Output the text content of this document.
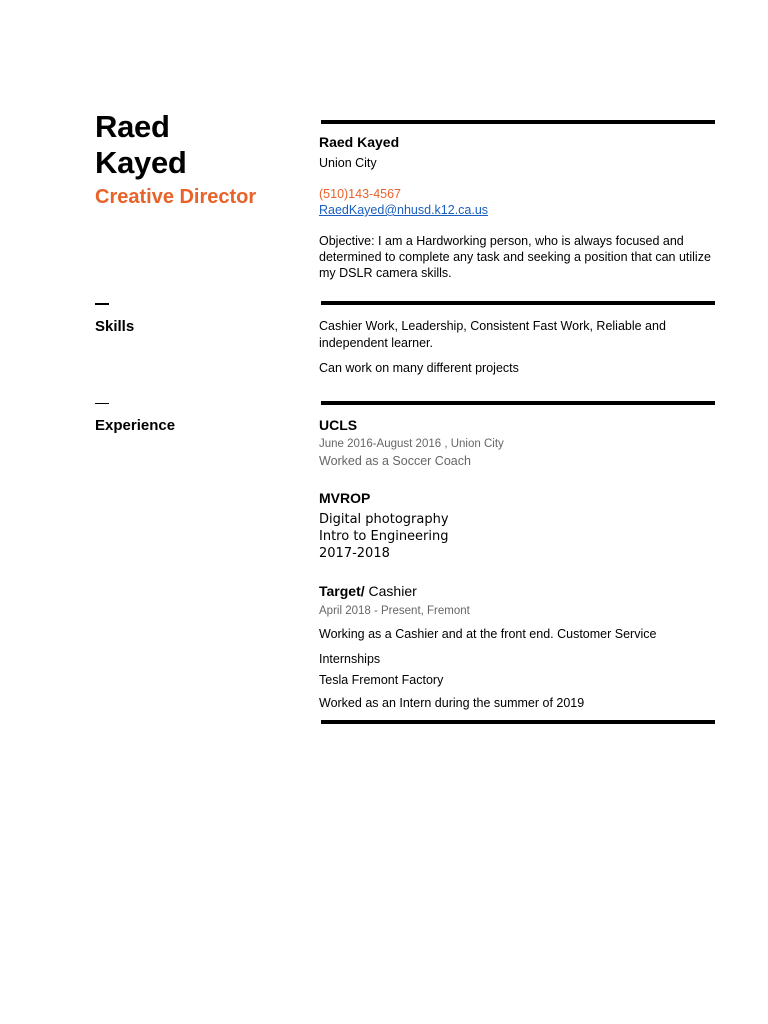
Raed
Kayed
Creative Director
Skills
Experience
Raed Kayed
Union City
(510)143-4567
RaedKayed@nhusd.k12.ca.us
Objective: I am a Hardworking person, who is always focused and determined to complete any task and seeking a position that can utilize my DSLR camera skills.
Cashier Work, Leadership, Consistent Fast Work, Reliable and independent learner.
Can work on many different projects
UCLS
June 2016-August 2016 , Union City
Worked as a Soccer Coach
MVROP
Digital photography
Intro to Engineering
2017-2018
Target/ Cashier
April 2018 - Present, Fremont
Working as a Cashier and at the front end. Customer Service
Internships
Tesla Fremont Factory
Worked as an Intern during the summer of 2019
